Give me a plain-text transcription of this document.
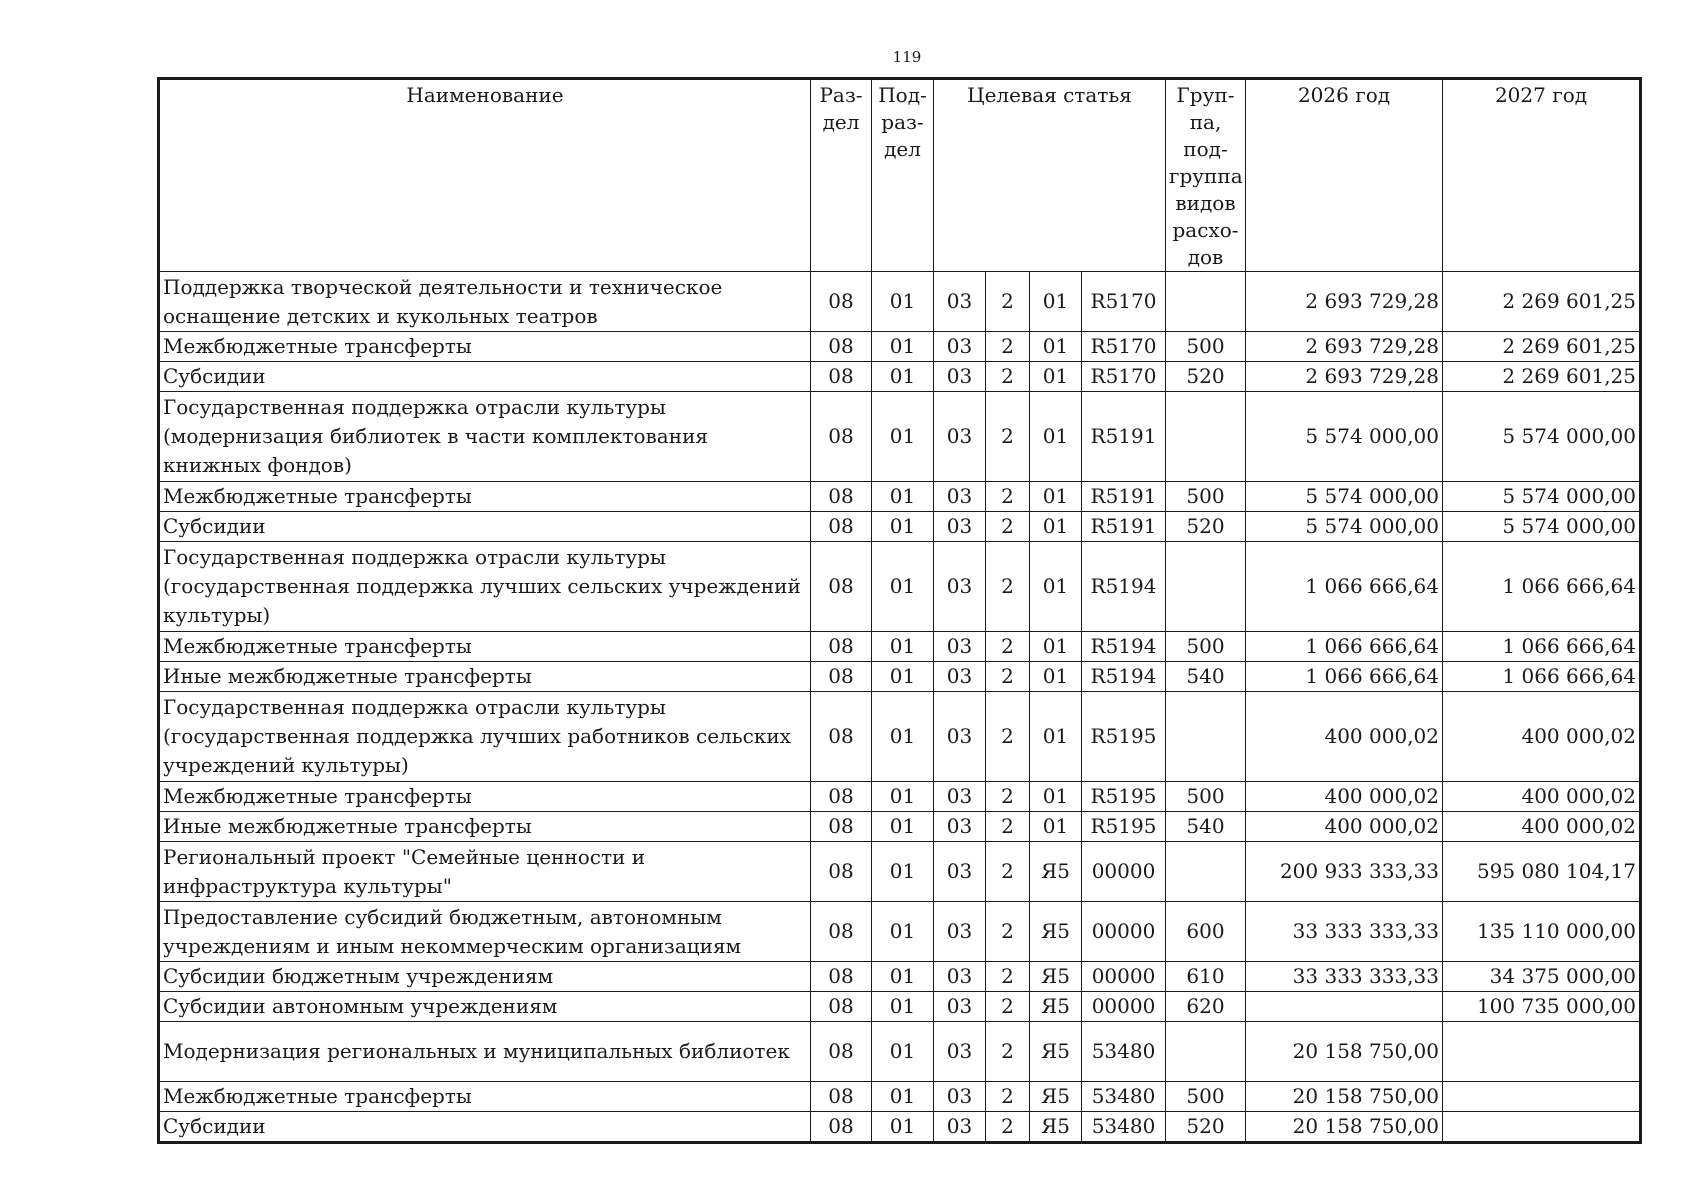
119
Наименование	Раз-дел	Под-раз-дел	Целевая статья				Груп-па, под-группа видов расхо-дов	2026 год	2027 год
Поддержка творческой деятельности и техническое оснащение детских и кукольных театров	08	01	03	2	01	R5170		2 693 729,28	2 269 601,25
Межбюджетные трансферты	08	01	03	2	01	R5170	500	2 693 729,28	2 269 601,25
Субсидии	08	01	03	2	01	R5170	520	2 693 729,28	2 269 601,25
Государственная поддержка отрасли культуры (модернизация библиотек в части комплектования книжных фондов)	08	01	03	2	01	R5191		5 574 000,00	5 574 000,00
Межбюджетные трансферты	08	01	03	2	01	R5191	500	5 574 000,00	5 574 000,00
Субсидии	08	01	03	2	01	R5191	520	5 574 000,00	5 574 000,00
Государственная поддержка отрасли культуры (государственная поддержка лучших сельских учреждений культуры)	08	01	03	2	01	R5194		1 066 666,64	1 066 666,64
Межбюджетные трансферты	08	01	03	2	01	R5194	500	1 066 666,64	1 066 666,64
Иные межбюджетные трансферты	08	01	03	2	01	R5194	540	1 066 666,64	1 066 666,64
Государственная поддержка отрасли культуры (государственная поддержка лучших работников сельских учреждений культуры)	08	01	03	2	01	R5195		400 000,02	400 000,02
Межбюджетные трансферты	08	01	03	2	01	R5195	500	400 000,02	400 000,02
Иные межбюджетные трансферты	08	01	03	2	01	R5195	540	400 000,02	400 000,02
Региональный проект "Семейные ценности и инфраструктура культуры"	08	01	03	2	Я5	00000		200 933 333,33	595 080 104,17
Предоставление субсидий бюджетным, автономным учреждениям и иным некоммерческим организациям	08	01	03	2	Я5	00000	600	33 333 333,33	135 110 000,00
Субсидии бюджетным учреждениям	08	01	03	2	Я5	00000	610	33 333 333,33	34 375 000,00
Субсидии автономным учреждениям	08	01	03	2	Я5	00000	620		100 735 000,00
Модернизация региональных и муниципальных библиотек	08	01	03	2	Я5	53480		20 158 750,00	
Межбюджетные трансферты	08	01	03	2	Я5	53480	500	20 158 750,00	
Субсидии	08	01	03	2	Я5	53480	520	20 158 750,00	
